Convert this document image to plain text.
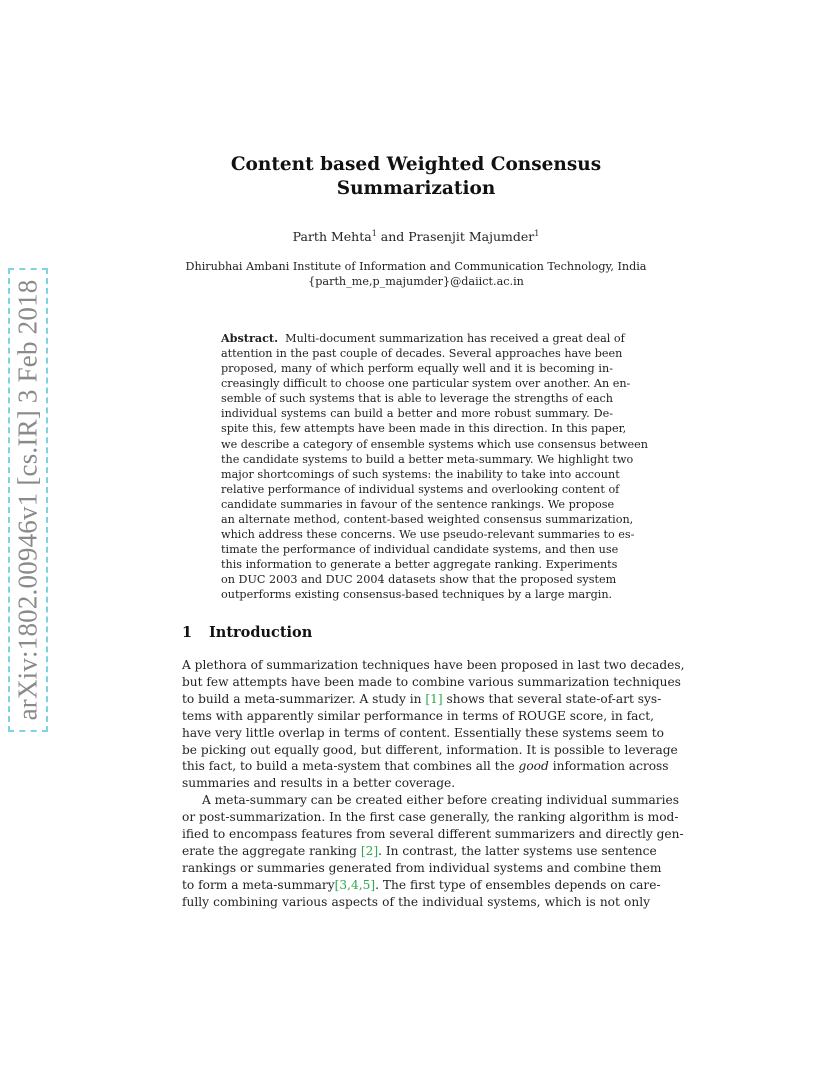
arXiv:1802.00946v1 [cs.IR] 3 Feb 2018
Content based Weighted Consensus
Summarization
Parth Mehta$^1$ and Prasenjit Majumder$^1$
Dhirubhai Ambani Institute of Information and Communication Technology, India
{parth_me,p_majumder}@daiict.ac.in

Abstract. Multi-document summarization has received a great deal of
attention in the past couple of decades. Several approaches have been
proposed, many of which perform equally well and it is becoming in-
creasingly difficult to choose one particular system over another. An en-
semble of such systems that is able to leverage the strengths of each
individual systems can build a better and more robust summary. De-
spite this, few attempts have been made in this direction. In this paper,
we describe a category of ensemble systems which use consensus between
the candidate systems to build a better meta-summary. We highlight two
major shortcomings of such systems: the inability to take into account
relative performance of individual systems and overlooking content of
candidate summaries in favour of the sentence rankings. We propose
an alternate method, content-based weighted consensus summarization,
which address these concerns. We use pseudo-relevant summaries to es-
timate the performance of individual candidate systems, and then use
this information to generate a better aggregate ranking. Experiments
on DUC 2003 and DUC 2004 datasets show that the proposed system
outperforms existing consensus-based techniques by a large margin.

1 Introduction
A plethora of summarization techniques have been proposed in last two decades,
but few attempts have been made to combine various summarization techniques
to build a meta-summarizer. A study in [1] shows that several state-of-art sys-
tems with apparently similar performance in terms of ROUGE score, in fact,
have very little overlap in terms of content. Essentially these systems seem to
be picking out equally good, but different, information. It is possible to leverage
this fact, to build a meta-system that combines all the good information across
summaries and results in a better coverage.
A meta-summary can be created either before creating individual summaries
or post-summarization. In the first case generally, the ranking algorithm is mod-
ified to encompass features from several different summarizers and directly gen-
erate the aggregate ranking [2]. In contrast, the latter systems use sentence
rankings or summaries generated from individual systems and combine them
to form a meta-summary[3,4,5]. The first type of ensembles depends on care-
fully combining various aspects of the individual systems, which is not only
